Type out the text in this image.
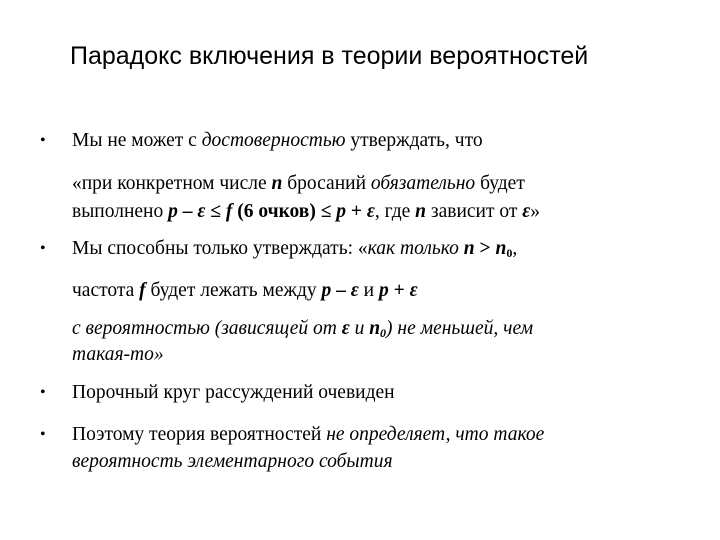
Парадокс включения в теории вероятностей
• Мы не может с достоверностью утверждать, что
«при конкретном числе n бросаний обязательно будет
выполнено p – ε ≤ f (6 очков) ≤ p + ε, где n зависит от ε»
• Мы способны только утверждать: «как только $n > n_0$,
частота f будет лежать между p – ε и p + ε
с вероятностью (зависящей от ε и $n_0$) не меньшей, чем
такая-то»
• Порочный круг рассуждений очевиден
• Поэтому теория вероятностей не определяет, что такое
вероятность элементарного события
